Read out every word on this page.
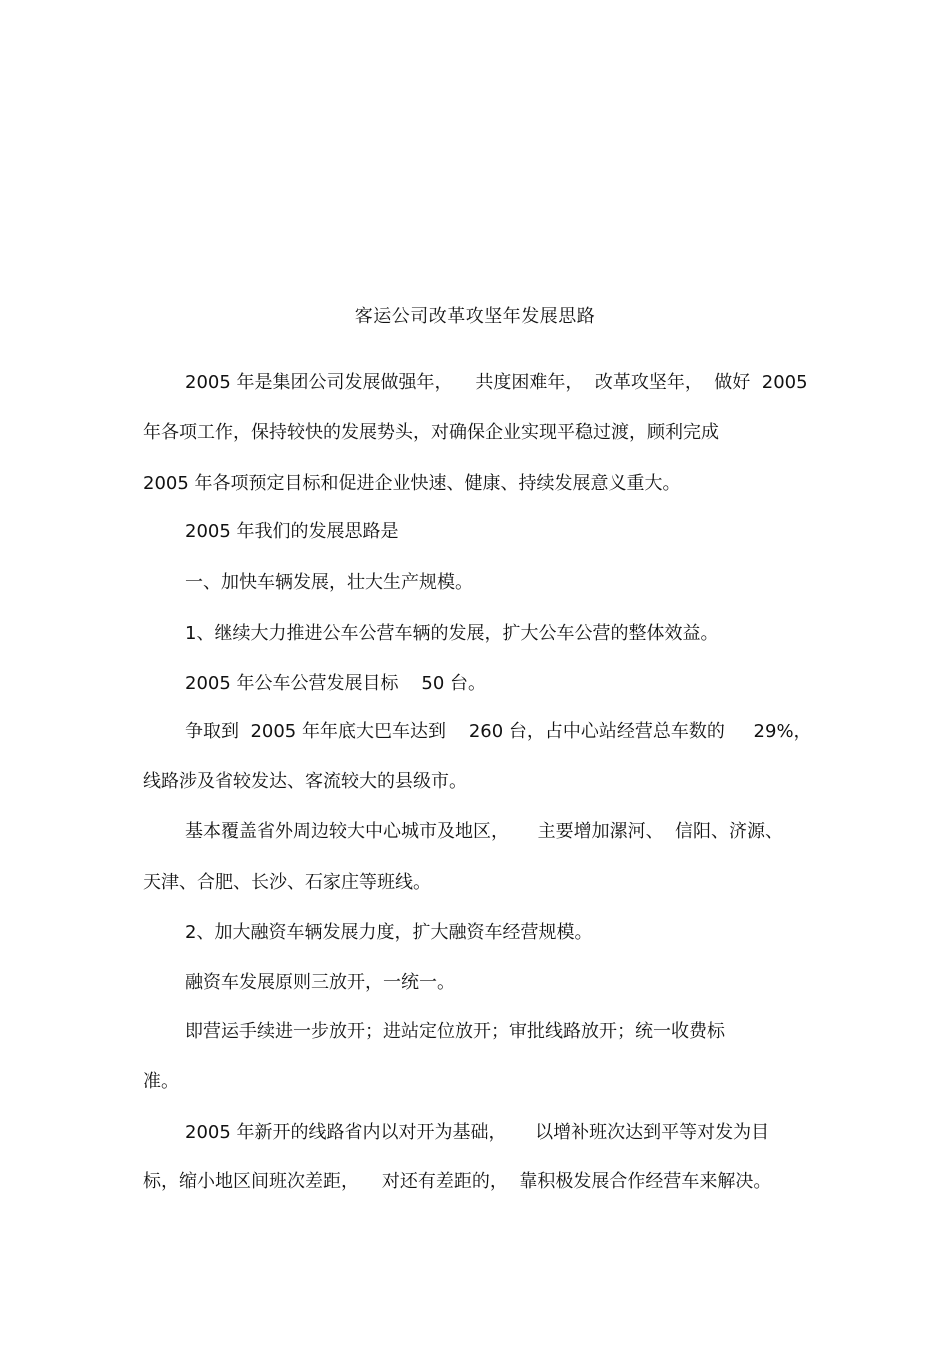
客运公司改革攻坚年发展思路
2005 年是集团公司发展做强年，    共度困难年，  改革攻坚年，  做好  2005
年各项工作，保持较快的发展势头，对确保企业实现平稳过渡，顾利完成
2005 年各项预定目标和促进企业快速、健康、持续发展意义重大。
2005 年我们的发展思路是
一、加快车辆发展，壮大生产规模。
1、继续大力推进公车公营车辆的发展，扩大公车公营的整体效益。
2005 年公车公营发展目标    50 台。
争取到  2005 年年底大巴车达到    260 台，占中心站经营总车数的     29%，
线路涉及省较发达、客流较大的县级市。
基本覆盖省外周边较大中心城市及地区，     主要增加漯河、  信阳、济源、
天津、合肥、长沙、石家庄等班线。
2、加大融资车辆发展力度，扩大融资车经营规模。
融资车发展原则三放开，一统一。
即营运手续进一步放开；进站定位放开；审批线路放开；统一收费标
准。
2005 年新开的线路省内以对开为基础，     以增补班次达到平等对发为目
标，缩小地区间班次差距，    对还有差距的，  靠积极发展合作经营车来解决。
